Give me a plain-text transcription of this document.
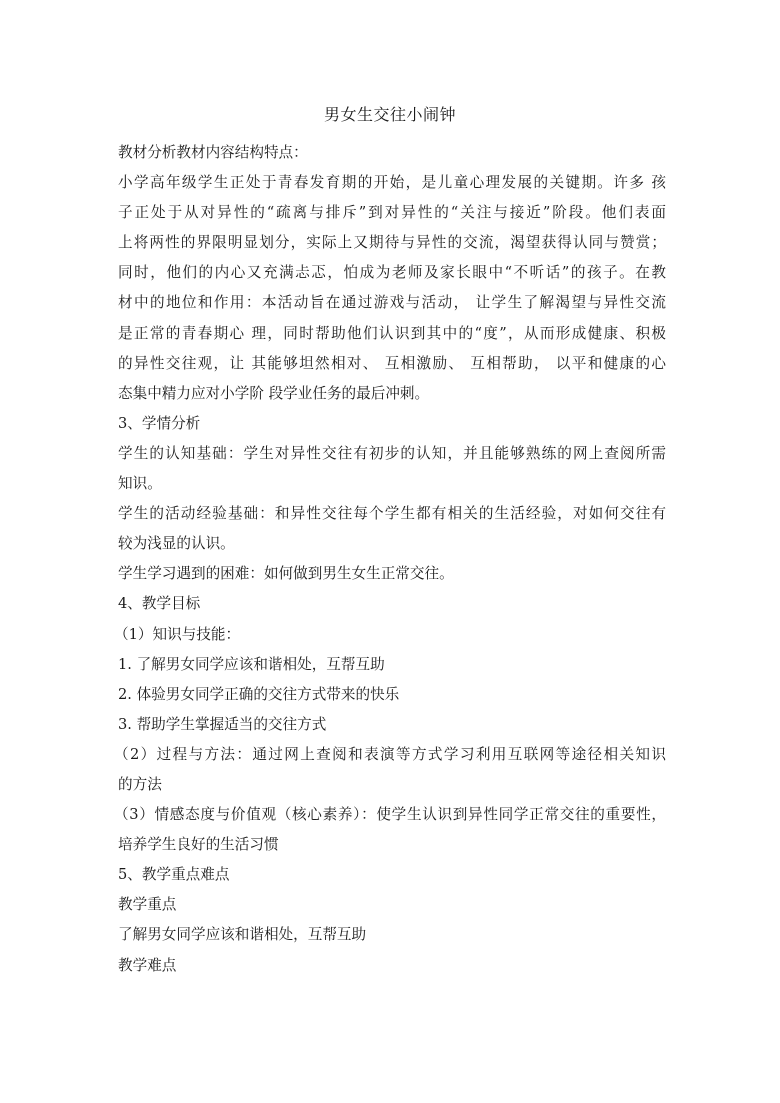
男女生交往小闹钟
教材分析教材内容结构特点：
小学高年级学生正处于青春发育期的开始，是儿童心理发展的关键期。许多 孩
子正处于从对异性的“疏离与排斥”到对异性的“关注与接近”阶段。他们表面
上将两性的界限明显划分，实际上又期待与异性的交流，渴望获得认同与赞赏；
同时，他们的内心又充满忐忑，怕成为老师及家长眼中“不听话”的孩子。在教
材中的地位和作用：本活动旨在通过游戏与活动， 让学生了解渴望与异性交流
是正常的青春期心 理，同时帮助他们认识到其中的“度”，从而形成健康、积极
的异性交往观，让 其能够坦然相对、 互相激励、 互相帮助， 以平和健康的心
态集中精力应对小学阶 段学业任务的最后冲刺。
3、学情分析
学生的认知基础：学生对异性交往有初步的认知，并且能够熟练的网上查阅所需
知识。
学生的活动经验基础：和异性交往每个学生都有相关的生活经验，对如何交往有
较为浅显的认识。
学生学习遇到的困难：如何做到男生女生正常交往。
4、教学目标
（1）知识与技能：
1. 了解男女同学应该和谐相处，互帮互助
2. 体验男女同学正确的交往方式带来的快乐
3. 帮助学生掌握适当的交往方式
（2）过程与方法：通过网上查阅和表演等方式学习利用互联网等途径相关知识
的方法
（3）情感态度与价值观（核心素养）：使学生认识到异性同学正常交往的重要性，
培养学生良好的生活习惯
5、教学重点难点
教学重点
了解男女同学应该和谐相处，互帮互助
教学难点
